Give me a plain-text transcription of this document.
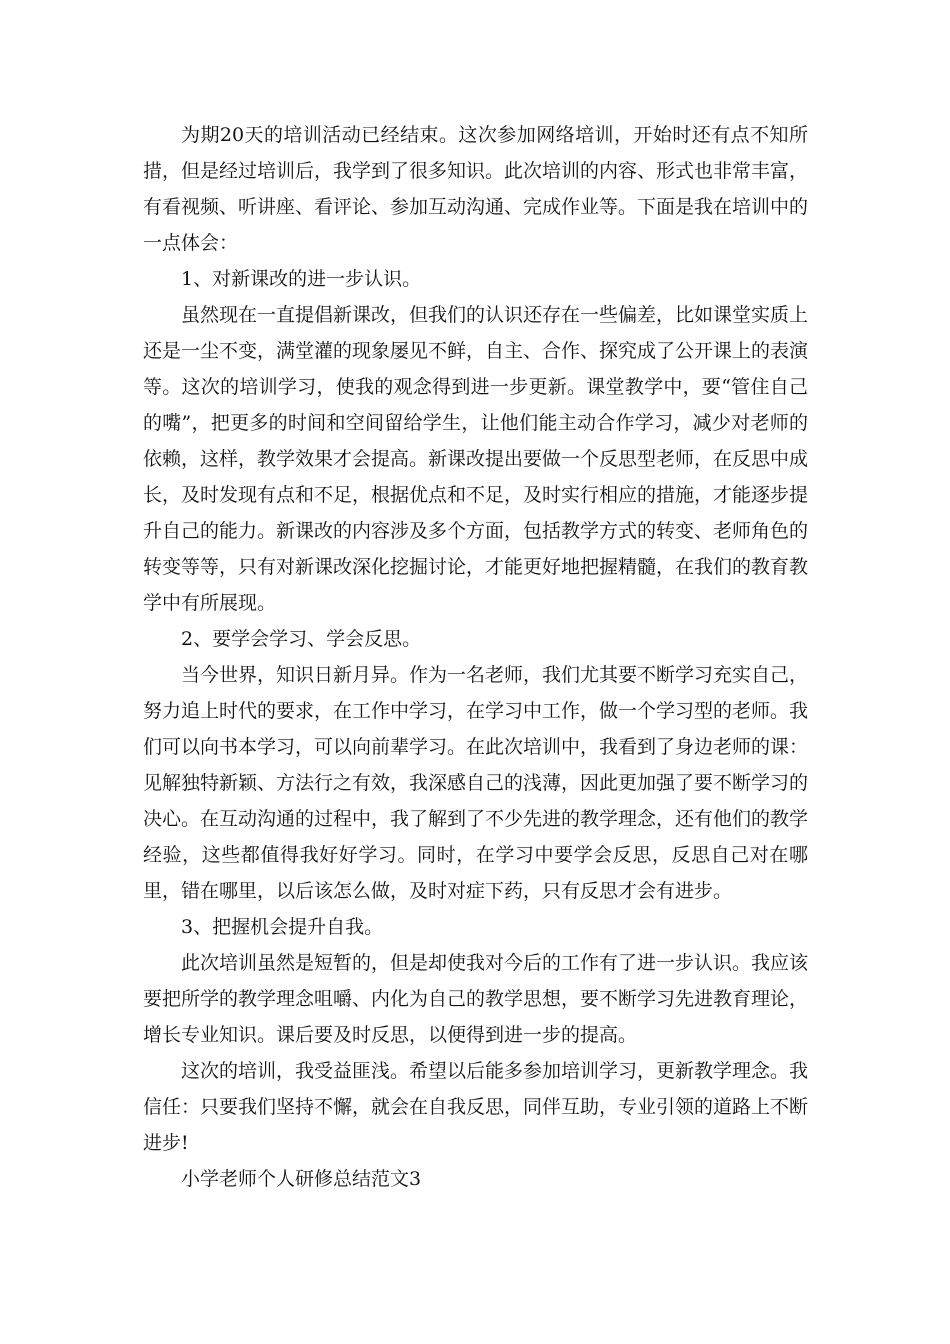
为期20天的培训活动已经结束。这次参加网络培训，开始时还有点不知所措，但是经过培训后，我学到了很多知识。此次培训的内容、形式也非常丰富，有看视频、听讲座、看评论、参加互动沟通、完成作业等。下面是我在培训中的一点体会：

1、对新课改的进一步认识。

虽然现在一直提倡新课改，但我们的认识还存在一些偏差，比如课堂实质上还是一尘不变，满堂灌的现象屡见不鲜，自主、合作、探究成了公开课上的表演等。这次的培训学习，使我的观念得到进一步更新。课堂教学中，要“管住自己的嘴”，把更多的时间和空间留给学生，让他们能主动合作学习，减少对老师的依赖，这样，教学效果才会提高。新课改提出要做一个反思型老师，在反思中成长，及时发现有点和不足，根据优点和不足，及时实行相应的措施，才能逐步提升自己的能力。新课改的内容涉及多个方面，包括教学方式的转变、老师角色的转变等等，只有对新课改深化挖掘讨论，才能更好地把握精髓，在我们的教育教学中有所展现。

2、要学会学习、学会反思。

当今世界，知识日新月异。作为一名老师，我们尤其要不断学习充实自己，努力追上时代的要求，在工作中学习，在学习中工作，做一个学习型的老师。我们可以向书本学习，可以向前辈学习。在此次培训中，我看到了身边老师的课：见解独特新颖、方法行之有效，我深感自己的浅薄，因此更加强了要不断学习的决心。在互动沟通的过程中，我了解到了不少先进的教学理念，还有他们的教学经验，这些都值得我好好学习。同时，在学习中要学会反思，反思自己对在哪里，错在哪里，以后该怎么做，及时对症下药，只有反思才会有进步。

3、把握机会提升自我。

此次培训虽然是短暂的，但是却使我对今后的工作有了进一步认识。我应该要把所学的教学理念咀嚼、内化为自己的教学思想，要不断学习先进教育理论，增长专业知识。课后要及时反思，以便得到进一步的提高。

这次的培训，我受益匪浅。希望以后能多参加培训学习，更新教学理念。我信任：只要我们坚持不懈，就会在自我反思，同伴互助，专业引领的道路上不断进步!

小学老师个人研修总结范文3
